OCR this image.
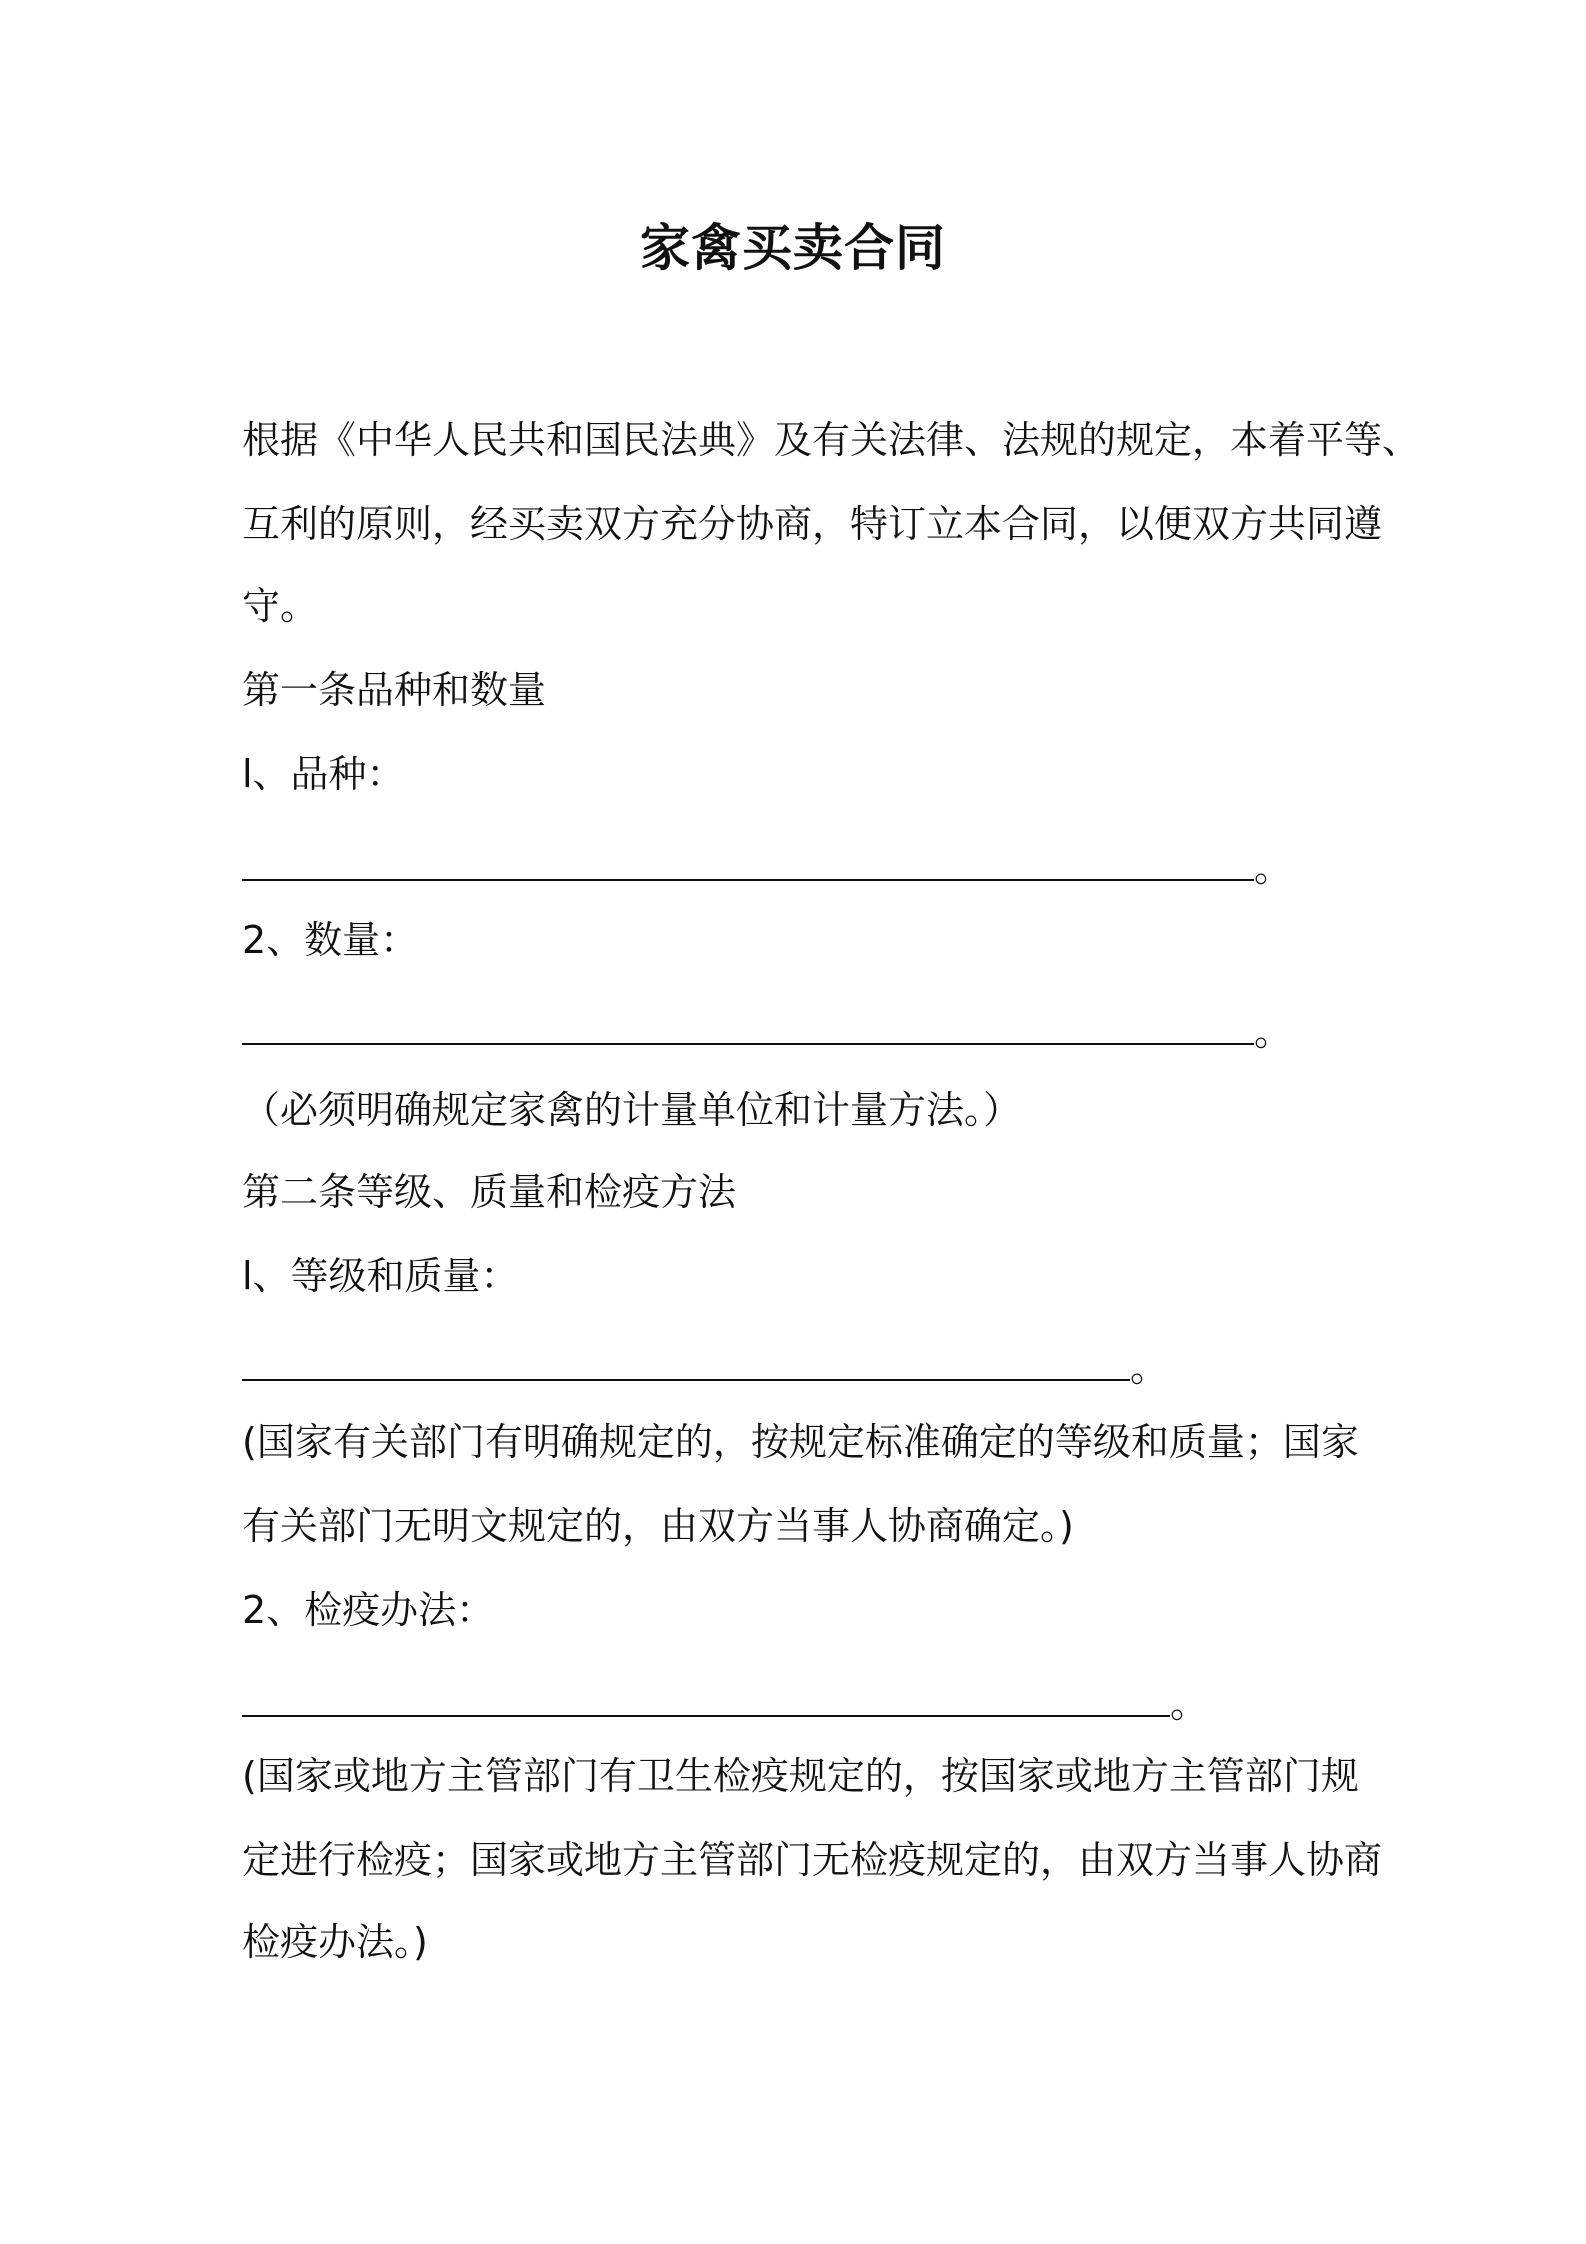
家禽买卖合同
根据《中华人民共和国民法典》及有关法律、法规的规定，本着平等、
互利的原则，经买卖双方充分协商，特订立本合同，以便双方共同遵
守。
第一条品种和数量
l、品种：
。
2、数量：
。
（必须明确规定家禽的计量单位和计量方法。）
第二条等级、质量和检疫方法
l、等级和质量：
。
(国家有关部门有明确规定的，按规定标准确定的等级和质量；国家
有关部门无明文规定的，由双方当事人协商确定。)
2、检疫办法：
。
(国家或地方主管部门有卫生检疫规定的，按国家或地方主管部门规
定进行检疫；国家或地方主管部门无检疫规定的，由双方当事人协商
检疫办法。)
